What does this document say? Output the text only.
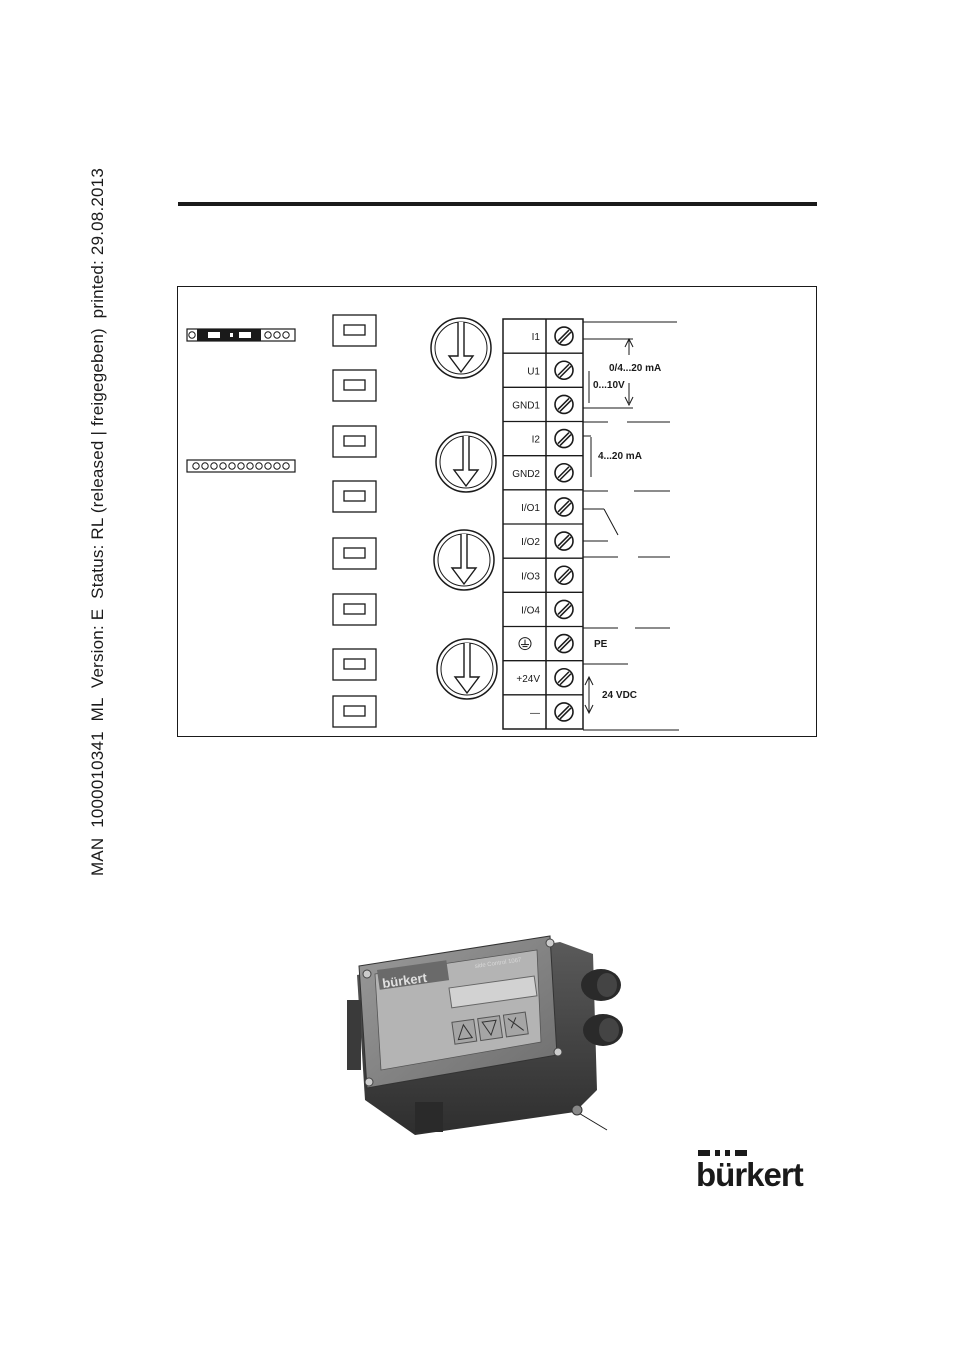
MAN  1000010341  ML  Version: E  Status: RL (released | freigegeben)  printed: 29.08.2013	I1
U1
GND1
I2
GND2
I/O1
I/O2
I/O3
I/O4
+24V
—
0/4...20 mA
0...10V
4...20 mA
PE
24 VDC
bürkert
side Control 1067
bürkert
